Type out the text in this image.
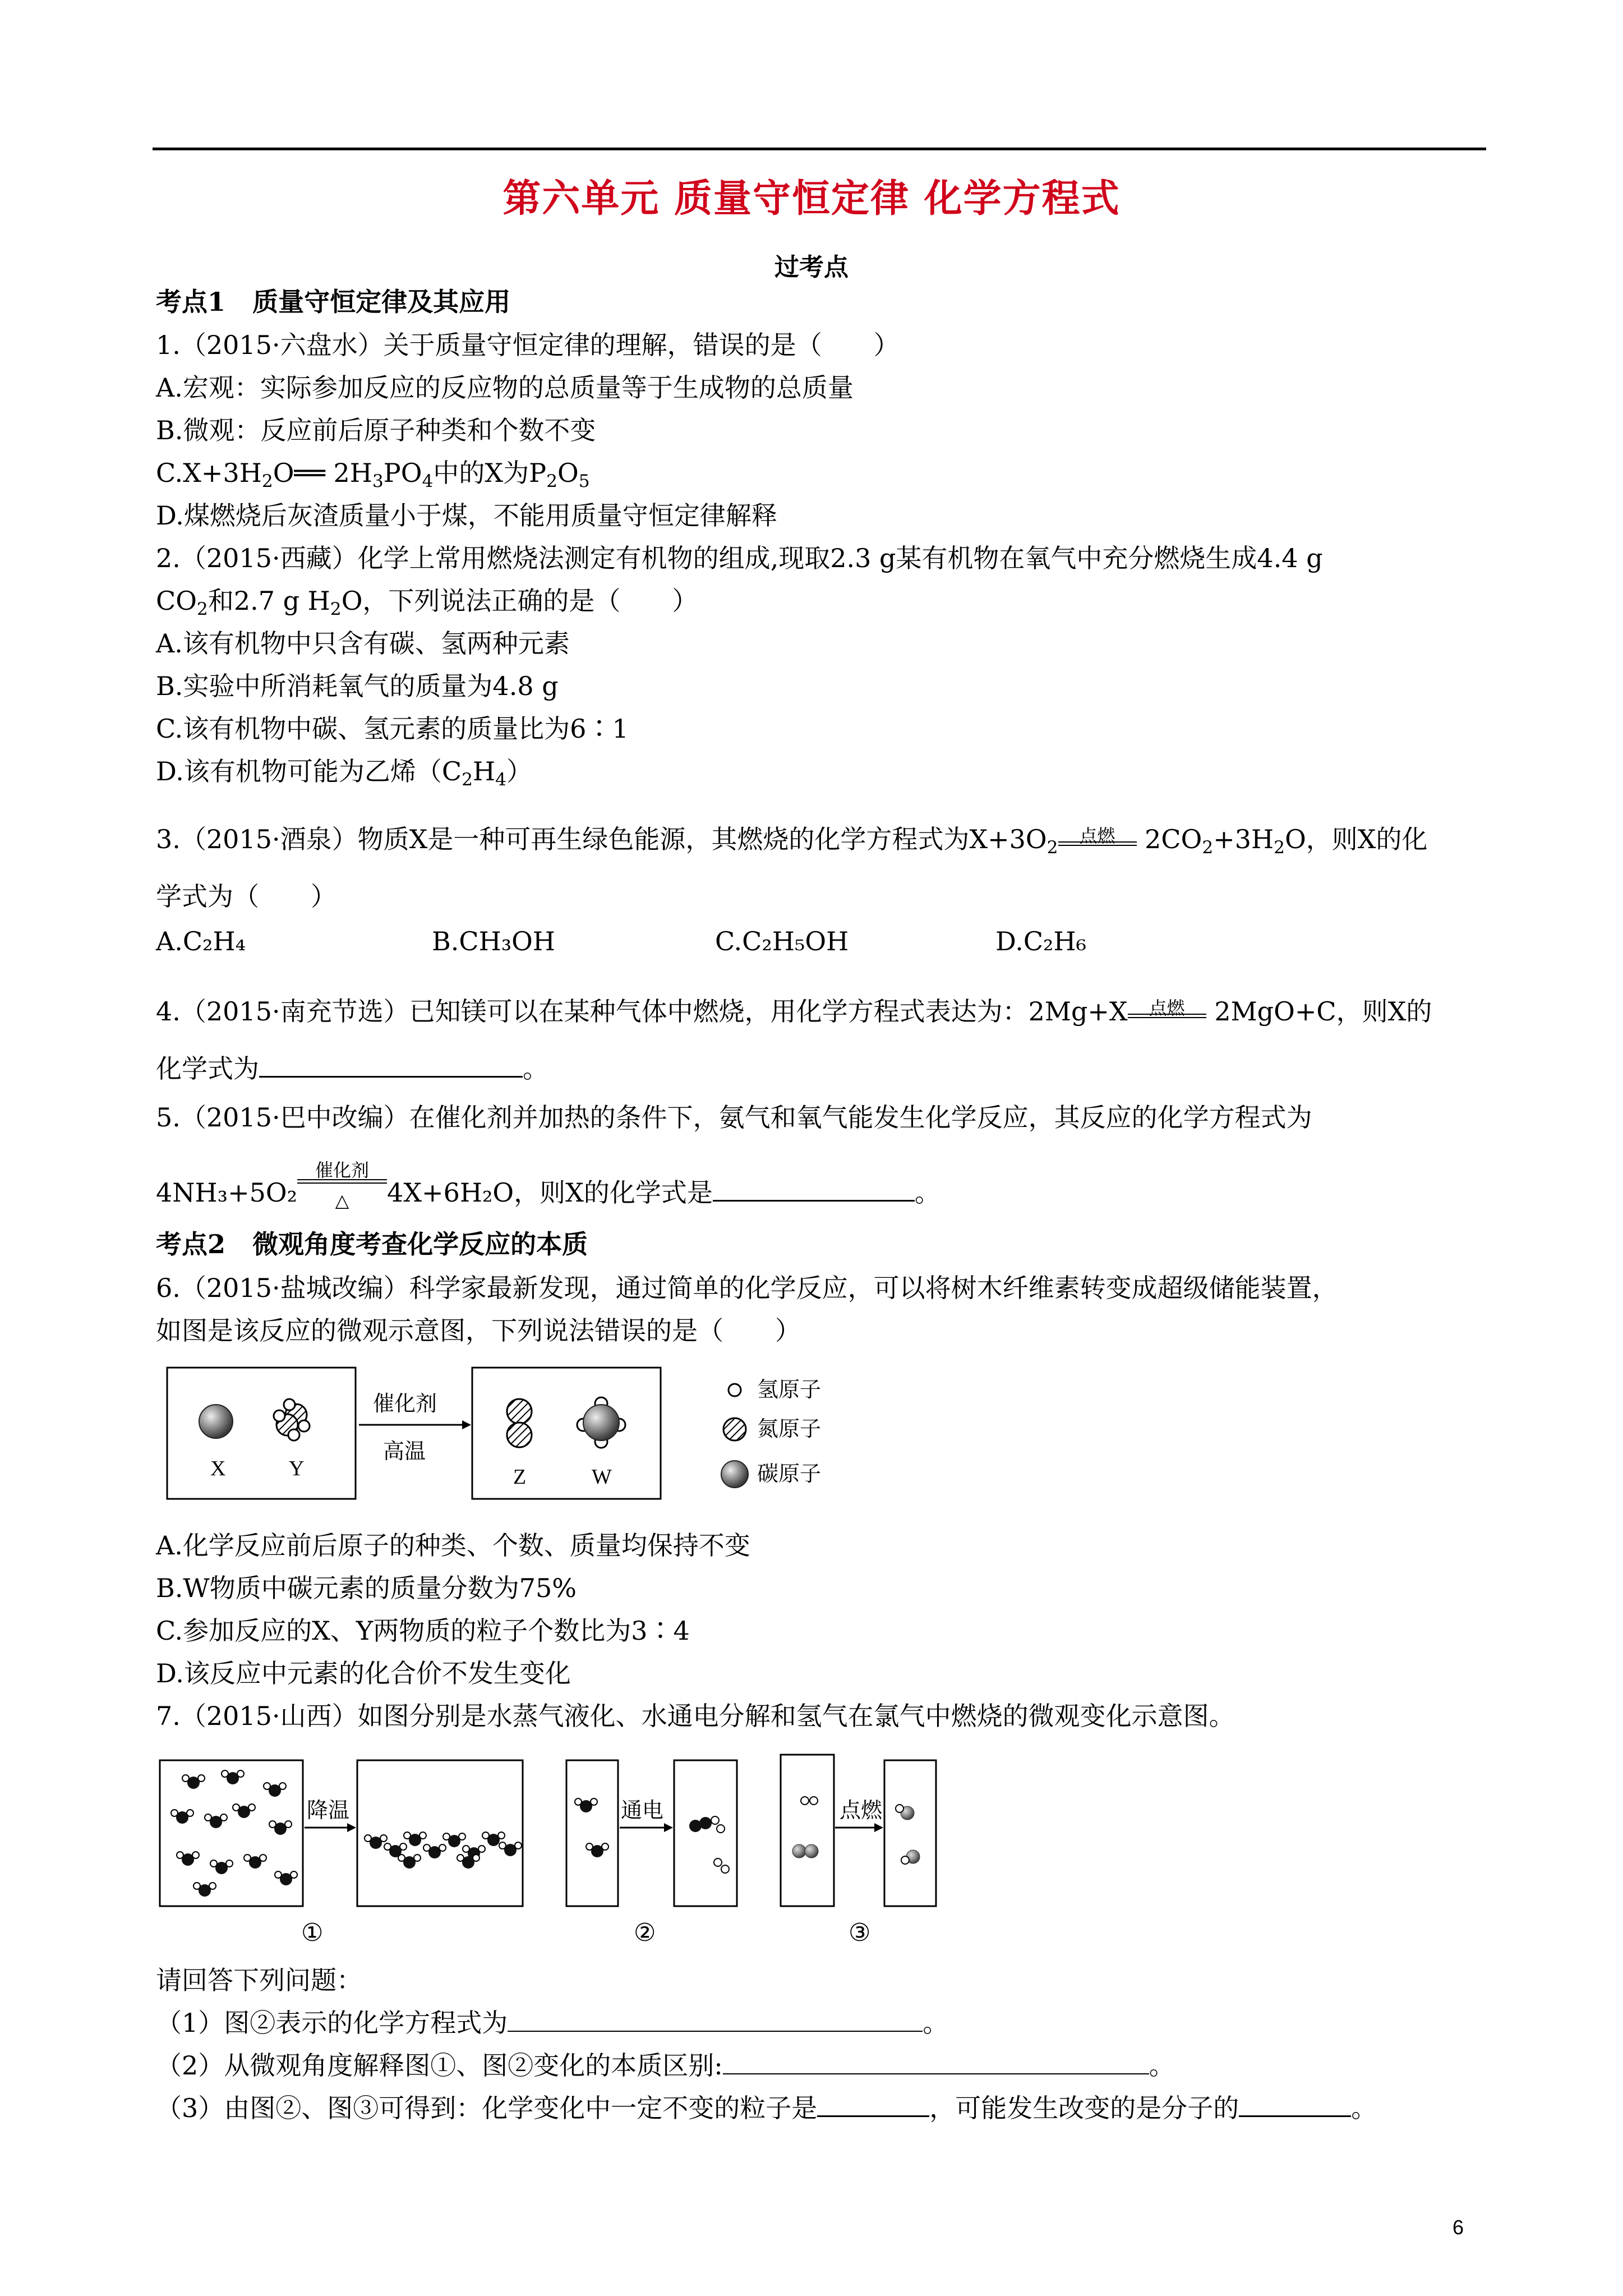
第六单元 质量守恒定律 化学方程式
过考点
考点1 质量守恒定律及其应用
1.（2015·六盘水）关于质量守恒定律的理解，错误的是（　　）
A.宏观：实际参加反应的反应物的总质量等于生成物的总质量
B.微观：反应前后原子种类和个数不变
$C.X+3H_2O══$ $2H_3PO_4$中的X为$P_2O_5$
D.煤燃烧后灰渣质量小于煤，不能用质量守恒定律解释
2.（2015·西藏）化学上常用燃烧法测定有机物的组成,现取2.3 g某有机物在氧气中充分燃烧生成4.4 g
$CO_2$和2.7 g $H_2O$，下列说法正确的是（　　）
A.该有机物中只含有碳、氢两种元素
B.实验中所消耗氧气的质量为4.8 g
C.该有机物中碳、氢元素的质量比为6∶1
D.该有机物可能为乙烯$(C_2H_4)$
3.（2015·酒泉）物质X是一种可再生绿色能源，其燃烧的化学方程式为$X+3O_2$
点燃	$2CO_2+3H_2O$，则X的化
学式为（　　）
A.C₂H₄	B.CH₃OH	C.C₂H₅OH	D.C₂H₆
4.（2015·南充节选）已知镁可以在某种气体中燃烧，用化学方程式表达为：2Mg+X	点燃	2MgO+C，则X的
化学式为	。
5.（2015·巴中改编）在催化剂并加热的条件下，氨气和氧气能发生化学反应，其反应的化学方程式为
4NH₃+5O₂
催化剂
△	4X+6H₂O，则X的化学式是	。
考点2 微观角度考查化学反应的本质
6.（2015·盐城改编）科学家最新发现，通过简单的化学反应，可以将树木纤维素转变成超级储能装置，
如图是该反应的微观示意图，下列说法错误的是（　　）
X	Y
催化剂
高温
Z	W
氢原子
氮原子
碳原子
A.化学反应前后原子的种类、个数、质量均保持不变
B.W物质中碳元素的质量分数为75%
C.参加反应的X、Y两物质的粒子个数比为3∶4
D.该反应中元素的化合价不发生变化
7.（2015·山西）如图分别是水蒸气液化、水通电分解和氢气在氯气中燃烧的微观变化示意图。
降温
①
通电
②
点燃
③
请回答下列问题：
（1）图②表示的化学方程式为	。
（2）从微观角度解释图①、图②变化的本质区别:	。
（3）由图②、图③可得到：化学变化中一定不变的粒子是	，可能发生改变的是分子的	。
6
